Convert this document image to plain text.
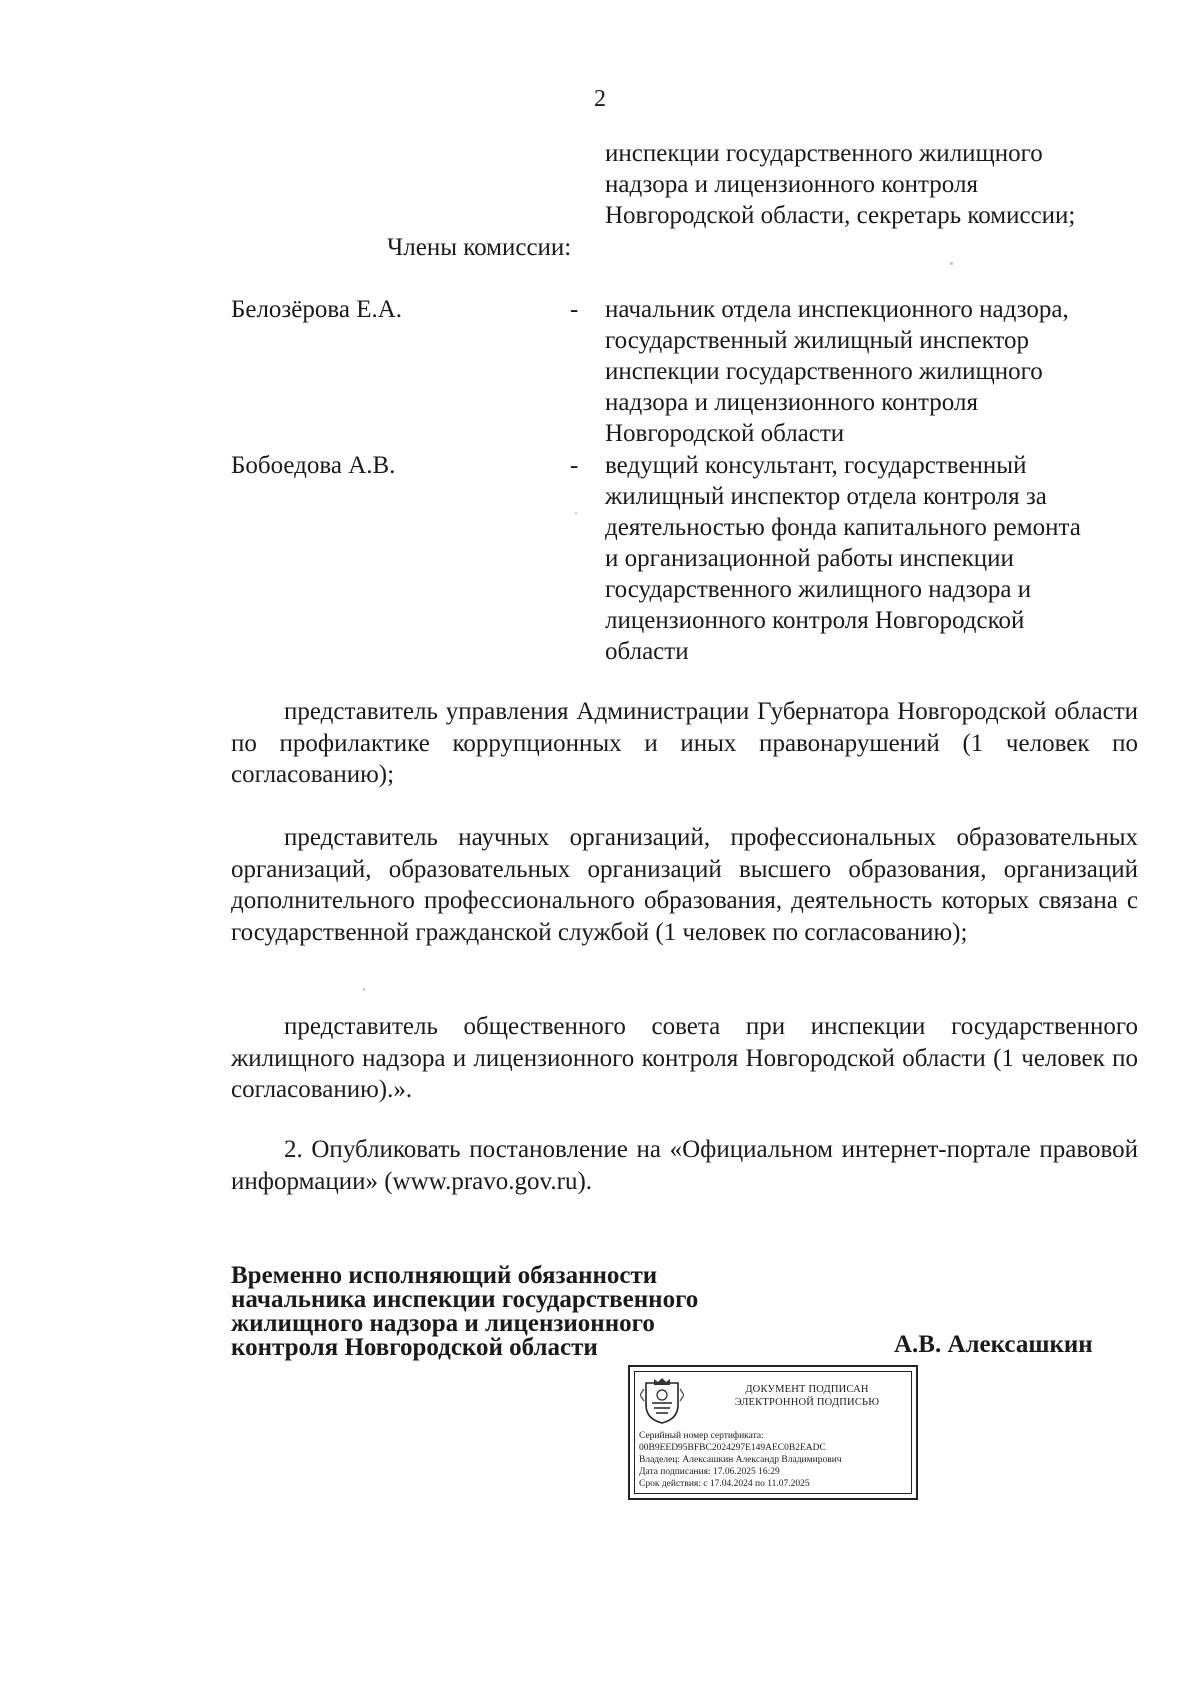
2
инспекции государственного жилищного
надзора и лицензионного контроля
Новгородской области, секретарь комиссии;
Члены комиссии:
Белозёрова Е.А.	- начальник отдела инспекционного надзора,
государственный жилищный инспектор
инспекции государственного жилищного
надзора и лицензионного контроля
Новгородской области
Бобоедова А.В.	- ведущий консультант, государственный
жилищный инспектор отдела контроля за
деятельностью фонда капитального ремонта
и организационной работы инспекции
государственного жилищного надзора и
лицензионного контроля Новгородской
области

представитель управления Администрации Губернатора Новгородской области по профилактике коррупционных и иных правонарушений (1 человек по согласованию);

представитель научных организаций, профессиональных образовательных организаций, образовательных организаций высшего образования, организаций дополнительного профессионального образования, деятельность которых связана с государственной гражданской службой (1 человек по согласованию);

представитель общественного совета при инспекции государственного жилищного надзора и лицензионного контроля Новгородской области (1 человек по согласованию).».

2. Опубликовать постановление на «Официальном интернет-портале правовой информации» (www.pravo.gov.ru).

Временно исполняющий обязанности
начальника инспекции государственного
жилищного надзора и лицензионного
контроля Новгородской области	А.В. Алексашкин
ДОКУМЕНТ ПОДПИСАН
ЭЛЕКТРОННОЙ ПОДПИСЬЮ
Серийный номер сертификата:
00B9EED95BFBC2024297E149AEC0B2EADC
Владелец: Алексашкин Александр Владимирович
Дата подписания: 17.06.2025 16:29
Срок действия: с 17.04.2024 по 11.07.2025
